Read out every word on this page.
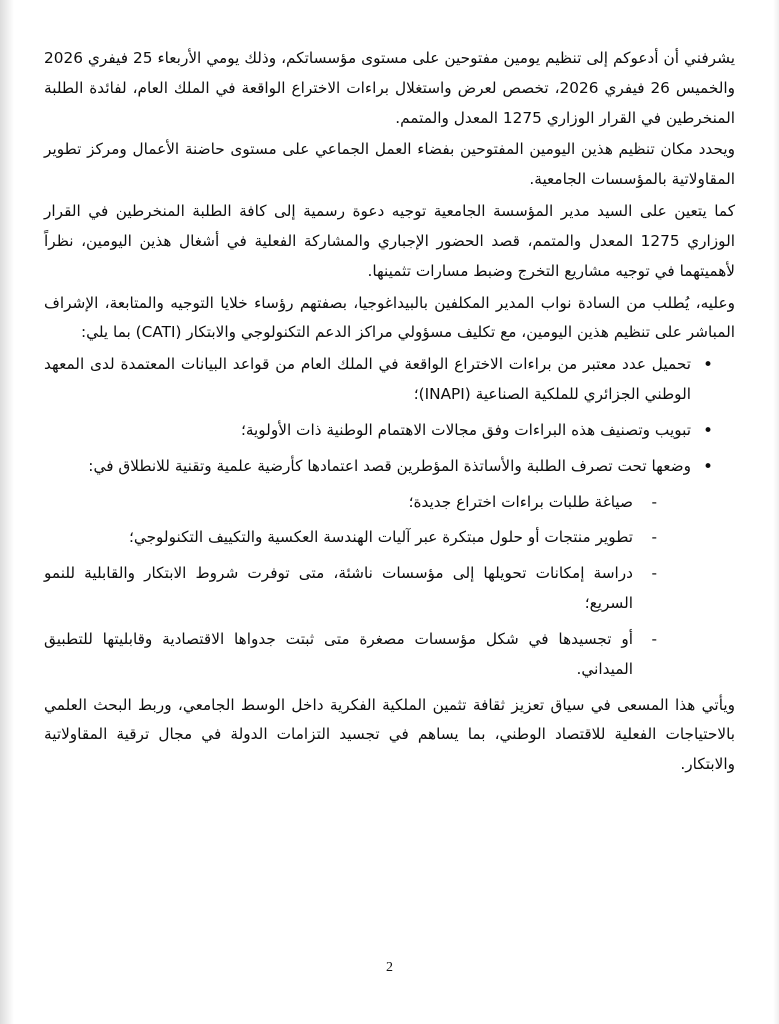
يشرفني أن أدعوكم إلى تنظيم يومين مفتوحين على مستوى مؤسساتكم، وذلك يومي الأربعاء 25 فيفري 2026 والخميس 26 فيفري 2026، تخصص لعرض واستغلال براءات الاختراع الواقعة في الملك العام، لفائدة الطلبة المنخرطين في القرار الوزاري 1275 المعدل والمتمم.

ويحدد مكان تنظيم هذين اليومين المفتوحين بفضاء العمل الجماعي على مستوى حاضنة الأعمال ومركز تطوير المقاولاتية بالمؤسسات الجامعية.

كما يتعين على السيد مدير المؤسسة الجامعية توجيه دعوة رسمية إلى كافة الطلبة المنخرطين في القرار الوزاري 1275 المعدل والمتمم، قصد الحضور الإجباري والمشاركة الفعلية في أشغال هذين اليومين، نظراً لأهميتهما في توجيه مشاريع التخرج وضبط مسارات تثمينها.

وعليه، يُطلب من السادة نواب المدير المكلفين بالبيداغوجيا، بصفتهم رؤساء خلايا التوجيه والمتابعة، الإشراف المباشر على تنظيم هذين اليومين، مع تكليف مسؤولي مراكز الدعم التكنولوجي والابتكار (CATI) بما يلي:

• تحميل عدد معتبر من براءات الاختراع الواقعة في الملك العام من قواعد البيانات المعتمدة لدى المعهد الوطني الجزائري للملكية الصناعية (INAPI)؛
• تبويب وتصنيف هذه البراءات وفق مجالات الاهتمام الوطنية ذات الأولوية؛
• وضعها تحت تصرف الطلبة والأساتذة المؤطرين قصد اعتمادها كأرضية علمية وتقنية للانطلاق في:
- صياغة طلبات براءات اختراع جديدة؛
- تطوير منتجات أو حلول مبتكرة عبر آليات الهندسة العكسية والتكييف التكنولوجي؛
- دراسة إمكانات تحويلها إلى مؤسسات ناشئة، متى توفرت شروط الابتكار والقابلية للنمو السريع؛
- أو تجسيدها في شكل مؤسسات مصغرة متى ثبتت جدواها الاقتصادية وقابليتها للتطبيق الميداني.

ويأتي هذا المسعى في سياق تعزيز ثقافة تثمين الملكية الفكرية داخل الوسط الجامعي، وربط البحث العلمي بالاحتياجات الفعلية للاقتصاد الوطني، بما يساهم في تجسيد التزامات الدولة في مجال ترقية المقاولاتية والابتكار.

2
